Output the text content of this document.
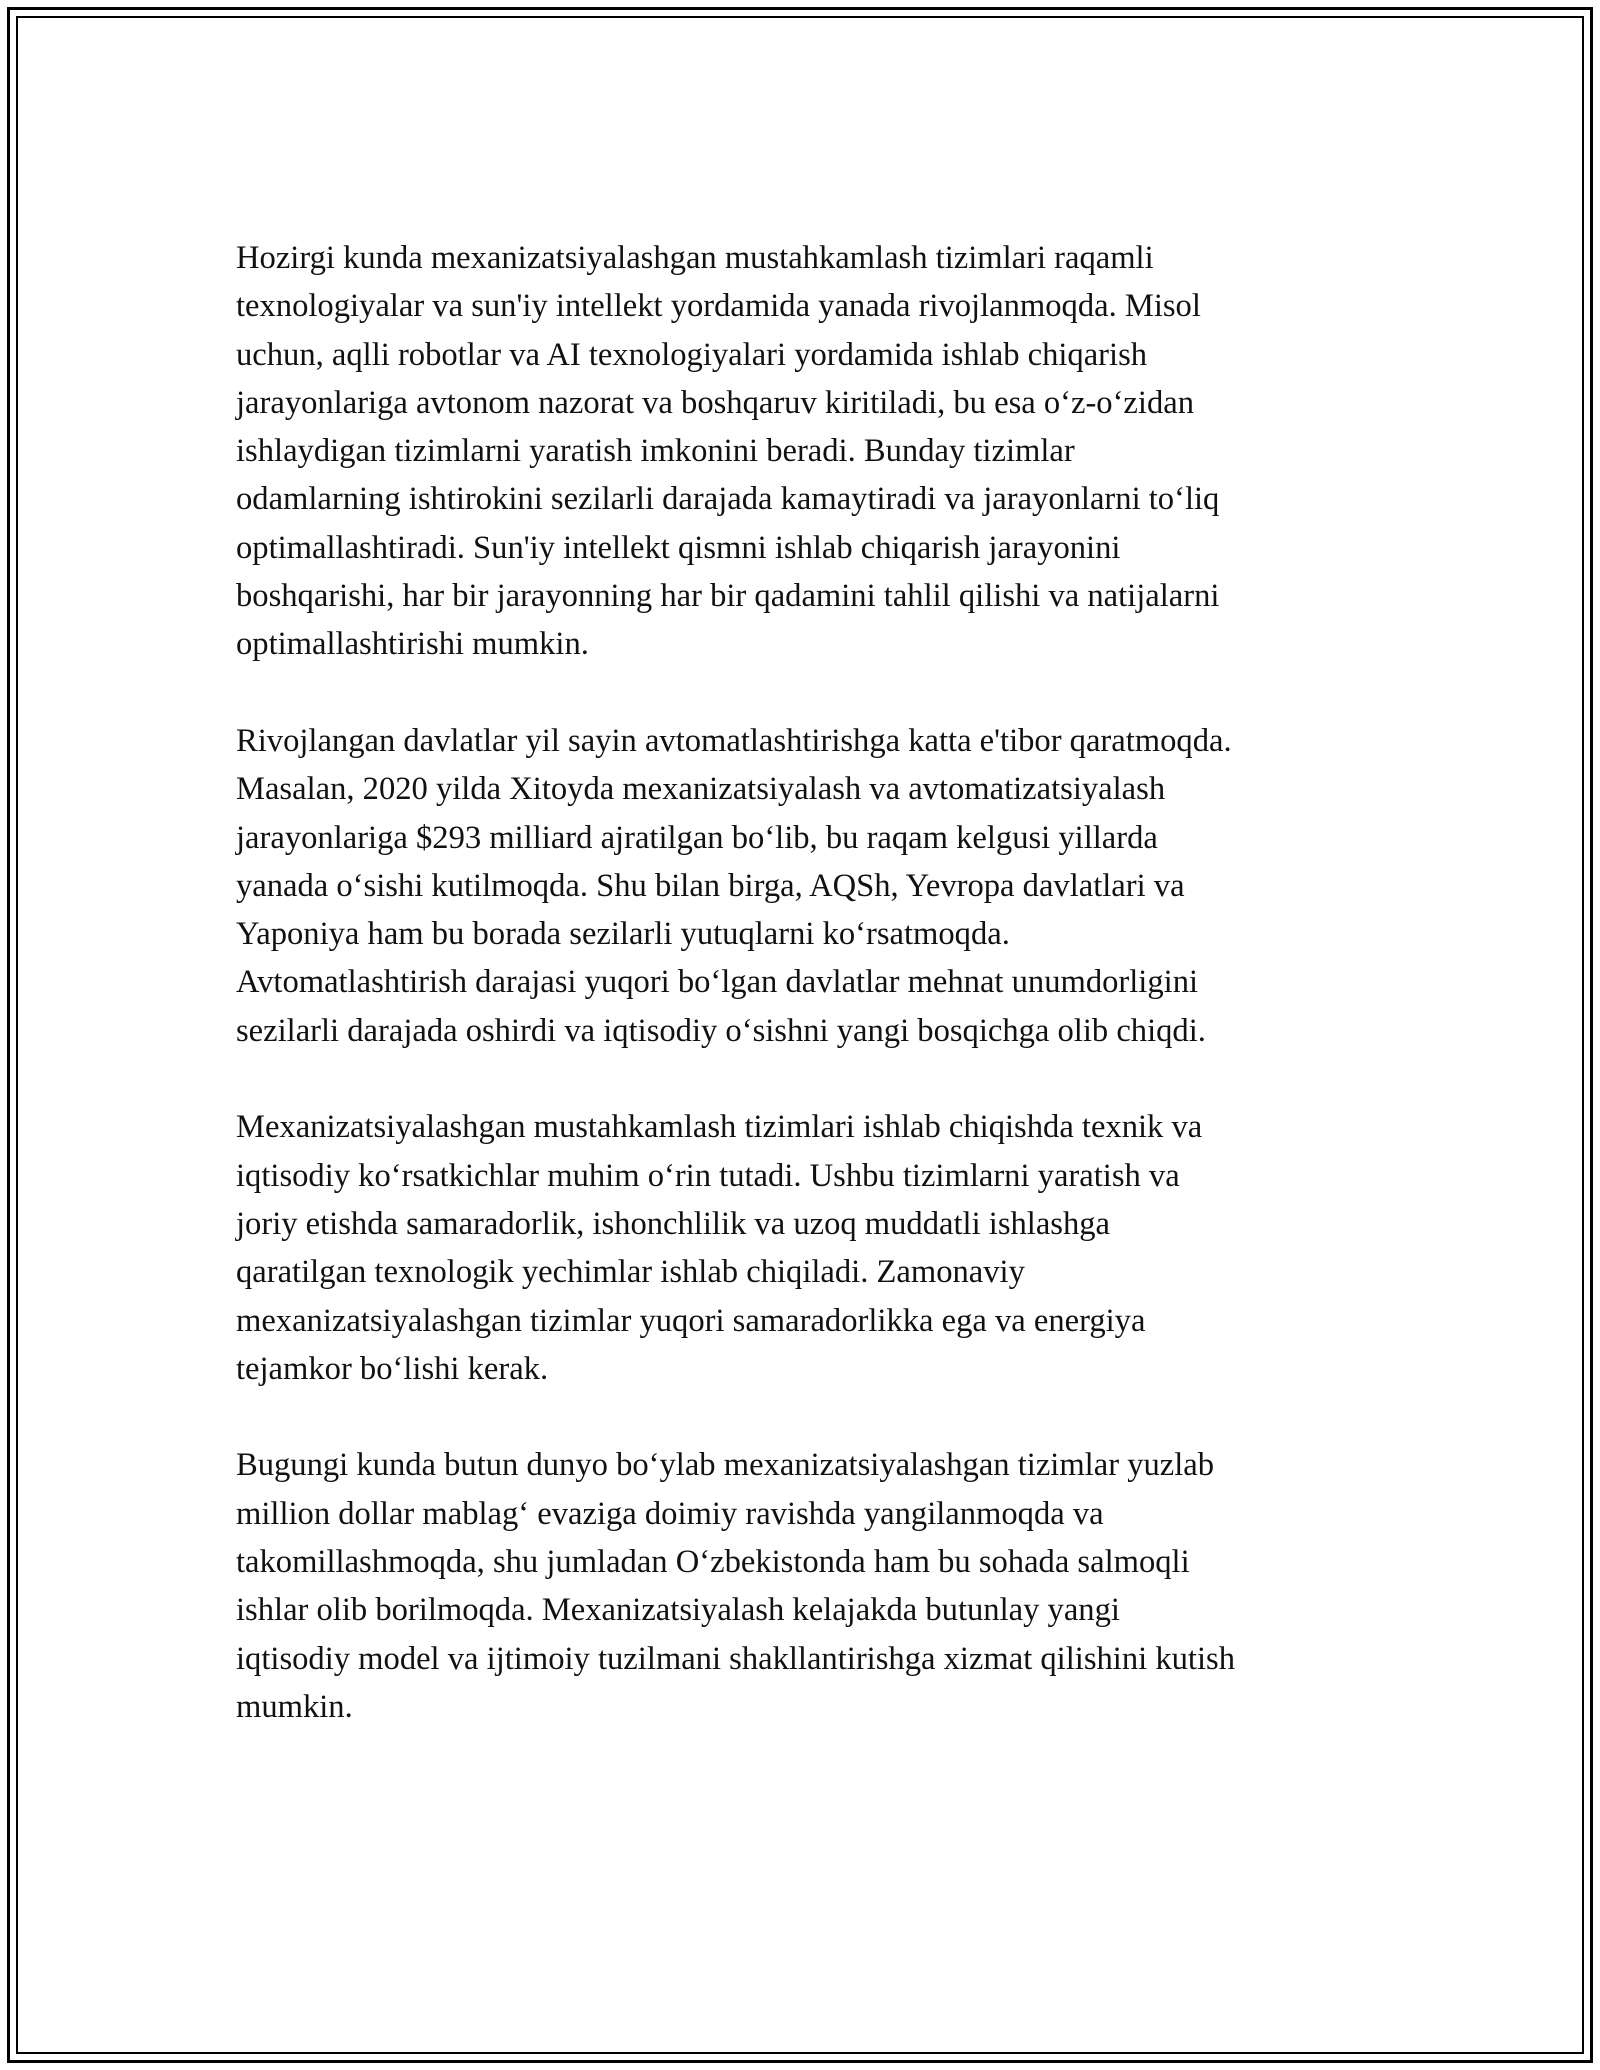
Hozirgi kunda mexanizatsiyalashgan mustahkamlash tizimlari raqamli
texnologiyalar va sun'iy intellekt yordamida yanada rivojlanmoqda. Misol
uchun, aqlli robotlar va AI texnologiyalari yordamida ishlab chiqarish
jarayonlariga avtonom nazorat va boshqaruv kiritiladi, bu esa o‘z-o‘zidan
ishlaydigan tizimlarni yaratish imkonini beradi. Bunday tizimlar
odamlarning ishtirokini sezilarli darajada kamaytiradi va jarayonlarni to‘liq
optimallashtiradi. Sun'iy intellekt qismni ishlab chiqarish jarayonini
boshqarishi, har bir jarayonning har bir qadamini tahlil qilishi va natijalarni
optimallashtirishi mumkin.

Rivojlangan davlatlar yil sayin avtomatlashtirishga katta e'tibor qaratmoqda.
Masalan, 2020 yilda Xitoyda mexanizatsiyalash va avtomatizatsiyalash
jarayonlariga $293 milliard ajratilgan bo‘lib, bu raqam kelgusi yillarda
yanada o‘sishi kutilmoqda. Shu bilan birga, AQSh, Yevropa davlatlari va
Yaponiya ham bu borada sezilarli yutuqlarni ko‘rsatmoqda.
Avtomatlashtirish darajasi yuqori bo‘lgan davlatlar mehnat unumdorligini
sezilarli darajada oshirdi va iqtisodiy o‘sishni yangi bosqichga olib chiqdi.

Mexanizatsiyalashgan mustahkamlash tizimlari ishlab chiqishda texnik va
iqtisodiy ko‘rsatkichlar muhim o‘rin tutadi. Ushbu tizimlarni yaratish va
joriy etishda samaradorlik, ishonchlilik va uzoq muddatli ishlashga
qaratilgan texnologik yechimlar ishlab chiqiladi. Zamonaviy
mexanizatsiyalashgan tizimlar yuqori samaradorlikka ega va energiya
tejamkor bo‘lishi kerak.

Bugungi kunda butun dunyo bo‘ylab mexanizatsiyalashgan tizimlar yuzlab
million dollar mablag‘ evaziga doimiy ravishda yangilanmoqda va
takomillashmoqda, shu jumladan O‘zbekistonda ham bu sohada salmoqli
ishlar olib borilmoqda. Mexanizatsiyalash kelajakda butunlay yangi
iqtisodiy model va ijtimoiy tuzilmani shakllantirishga xizmat qilishini kutish
mumkin.
